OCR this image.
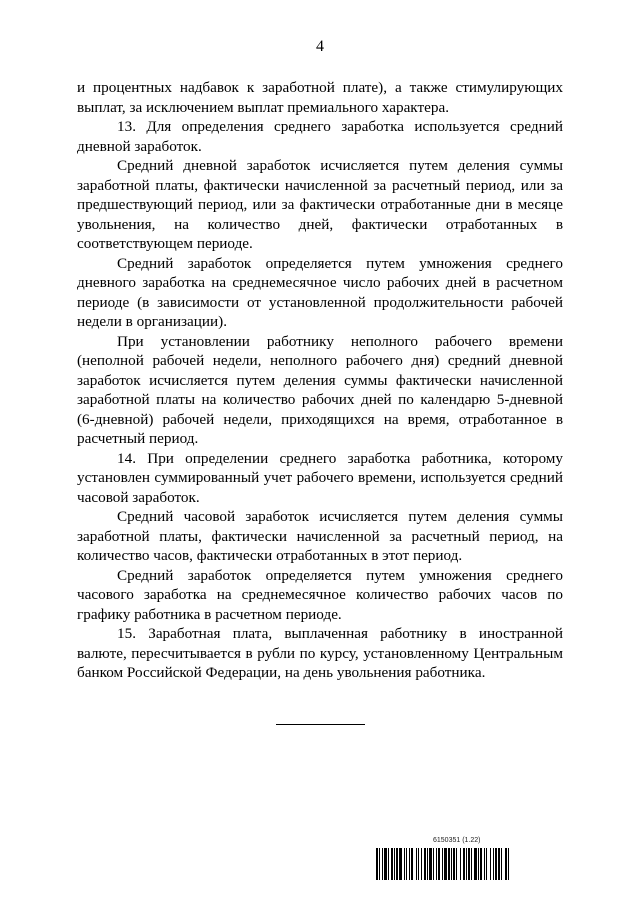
4

и процентных надбавок к заработной плате), а также стимулирующих выплат, за исключением выплат премиального характера.

13. Для определения среднего заработка используется средний дневной заработок.

Средний дневной заработок исчисляется путем деления суммы заработной платы, фактически начисленной за расчетный период, или за предшествующий период, или за фактически отработанные дни в месяце увольнения, на количество дней, фактически отработанных в соответствующем периоде.

Средний заработок определяется путем умножения среднего дневного заработка на среднемесячное число рабочих дней в расчетном периоде (в зависимости от установленной продолжительности рабочей недели в организации).

При установлении работнику неполного рабочего времени (неполной рабочей недели, неполного рабочего дня) средний дневной заработок исчисляется путем деления суммы фактически начисленной заработной платы на количество рабочих дней по календарю 5-дневной (6-дневной) рабочей недели, приходящихся на время, отработанное в расчетный период.

14. При определении среднего заработка работника, которому установлен суммированный учет рабочего времени, используется средний часовой заработок.

Средний часовой заработок исчисляется путем деления суммы заработной платы, фактически начисленной за расчетный период, на количество часов, фактически отработанных в этот период.

Средний заработок определяется путем умножения среднего часового заработка на среднемесячное количество рабочих часов по графику работника в расчетном периоде.

15. Заработная плата, выплаченная работнику в иностранной валюте, пересчитывается в рубли по курсу, установленному Центральным банком Российской Федерации, на день увольнения работника.

6150351 (1.22)
